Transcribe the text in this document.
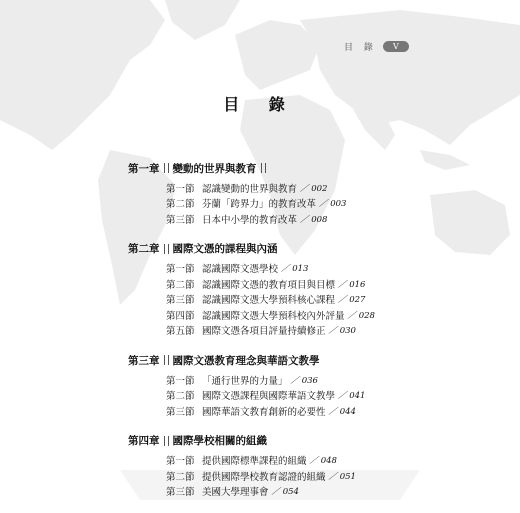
目 錄	V
目 錄
第一章 變動的世界與教育
第一節 認識變動的世界與教育 ／ 002
第二節 芬蘭「跨界力」的教育改革 ／ 003
第三節 日本中小學的教育改革 ／ 008
第二章 國際文憑的課程與內涵
第一節 認識國際文憑學校 ／ 013
第二節 認識國際文憑的教育項目與目標 ／ 016
第三節 認識國際文憑大學預科核心課程 ／ 027
第四節 認識國際文憑大學預科校內外評量 ／ 028
第五節 國際文憑各項目評量持續修正 ／ 030
第三章 國際文憑教育理念與華語文教學
第一節 「通行世界的力量」 ／ 036
第二節 國際文憑課程與國際華語文教學 ／ 041
第三節 國際華語文教育創新的必要性 ／ 044
第四章 國際學校相關的組織
第一節 提供國際標準課程的組織 ／ 048
第二節 提供國際學校教育認證的組織 ／ 051
第三節 美國大學理事會 ／ 054
